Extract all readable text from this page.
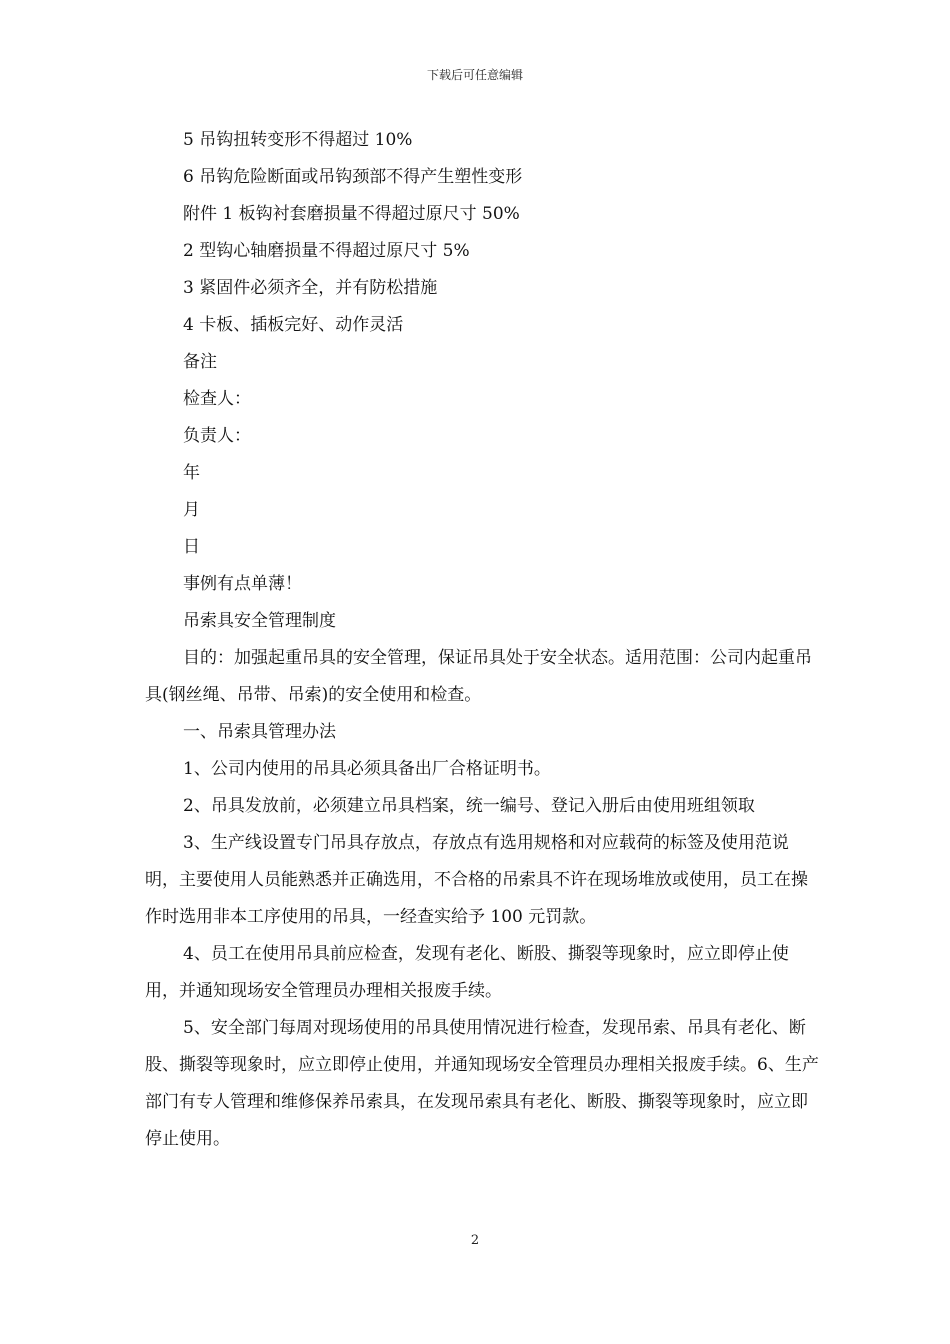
下载后可任意编辑
5 吊钩扭转变形不得超过 10%
6 吊钩危险断面或吊钩颈部不得产生塑性变形
附件 1 板钩衬套磨损量不得超过原尺寸 50%
2 型钩心轴磨损量不得超过原尺寸 5%
3 紧固件必须齐全，并有防松措施
4 卡板、插板完好、动作灵活
备注
检查人：
负责人：
年
月
日
事例有点单薄！
吊索具安全管理制度
目的：加强起重吊具的安全管理，保证吊具处于安全状态。适用范围：公司内起重吊具(钢丝绳、吊带、吊索)的安全使用和检查。
一、吊索具管理办法
1、公司内使用的吊具必须具备出厂合格证明书。
2、吊具发放前，必须建立吊具档案，统一编号、登记入册后由使用班组领取
3、生产线设置专门吊具存放点，存放点有选用规格和对应载荷的标签及使用范说明，主要使用人员能熟悉并正确选用，不合格的吊索具不许在现场堆放或使用，员工在操作时选用非本工序使用的吊具，一经查实给予 100 元罚款。
4、员工在使用吊具前应检查，发现有老化、断股、撕裂等现象时，应立即停止使用，并通知现场安全管理员办理相关报废手续。
5、安全部门每周对现场使用的吊具使用情况进行检查，发现吊索、吊具有老化、断股、撕裂等现象时，应立即停止使用，并通知现场安全管理员办理相关报废手续。6、生产部门有专人管理和维修保养吊索具，在发现吊索具有老化、断股、撕裂等现象时，应立即停止使用。
2
